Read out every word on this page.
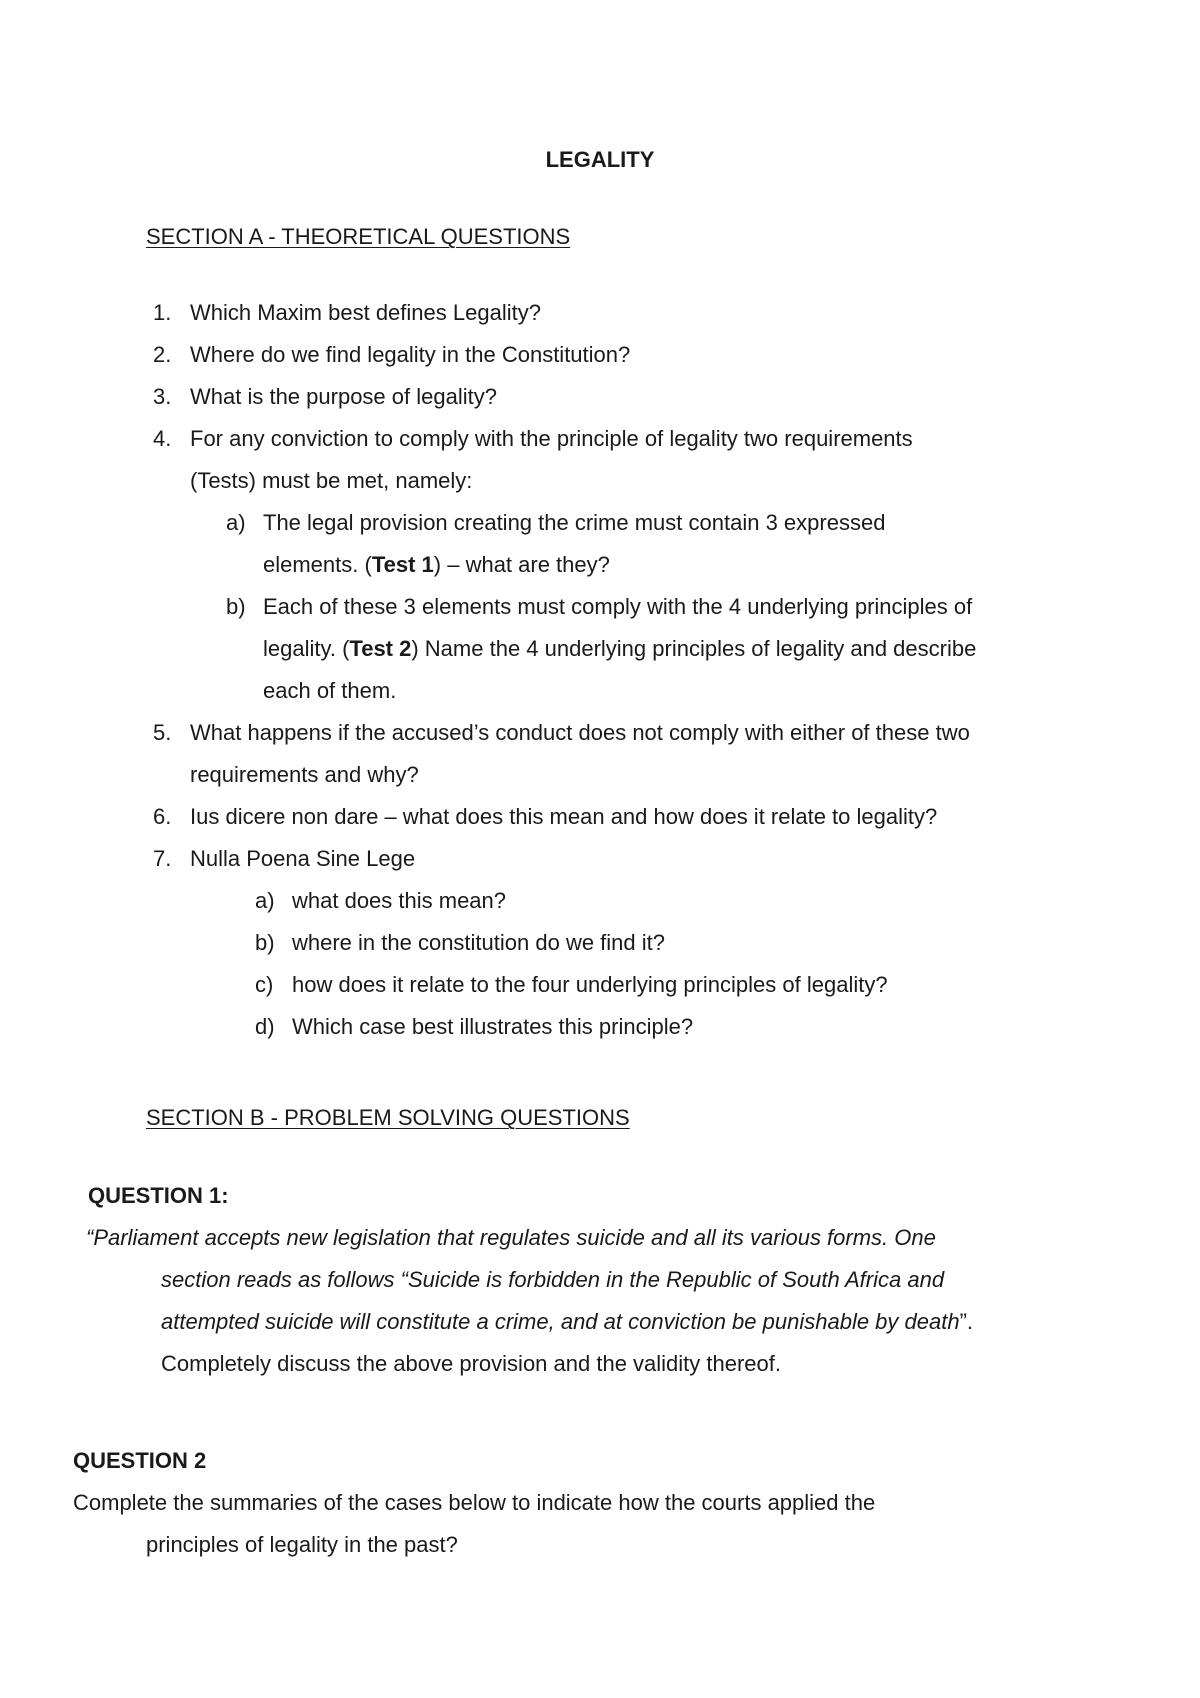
LEGALITY
SECTION A - THEORETICAL QUESTIONS
1. Which Maxim best defines Legality?
2. Where do we find legality in the Constitution?
3. What is the purpose of legality?
4. For any conviction to comply with the principle of legality two requirements
(Tests) must be met, namely:
a) The legal provision creating the crime must contain 3 expressed
elements. (Test 1) – what are they?
b) Each of these 3 elements must comply with the 4 underlying principles of
legality. (Test 2) Name the 4 underlying principles of legality and describe
each of them.
5. What happens if the accused’s conduct does not comply with either of these two
requirements and why?
6. Ius dicere non dare – what does this mean and how does it relate to legality?
7. Nulla Poena Sine Lege
a) what does this mean?
b) where in the constitution do we find it?
c) how does it relate to the four underlying principles of legality?
d) Which case best illustrates this principle?
SECTION B - PROBLEM SOLVING QUESTIONS
QUESTION 1:
“Parliament accepts new legislation that regulates suicide and all its various forms. One
section reads as follows “Suicide is forbidden in the Republic of South Africa and
attempted suicide will constitute a crime, and at conviction be punishable by death”.
Completely discuss the above provision and the validity thereof.
QUESTION 2
Complete the summaries of the cases below to indicate how the courts applied the
principles of legality in the past?
